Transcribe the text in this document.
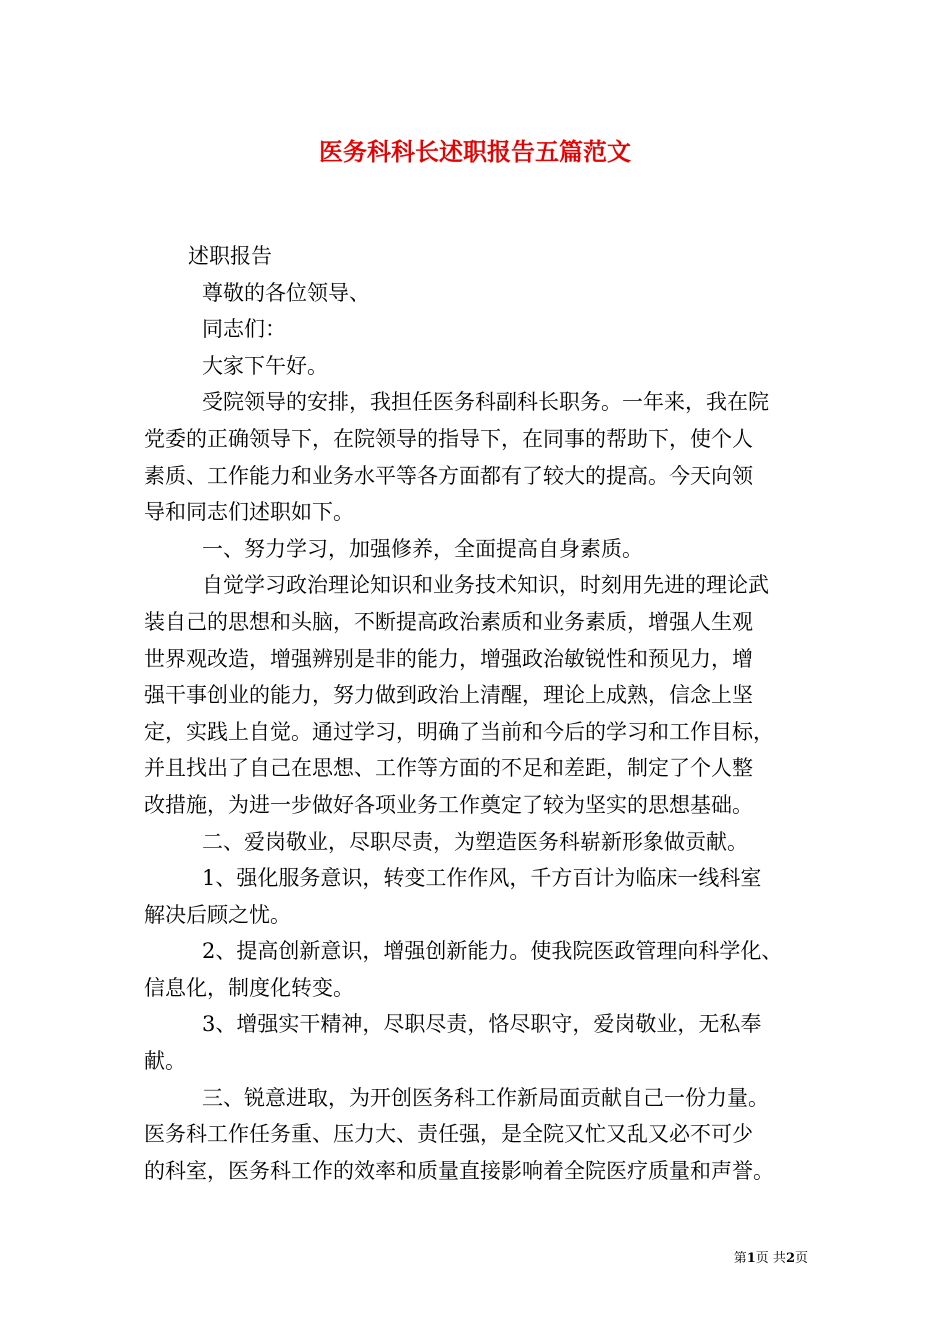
医务科科长述职报告五篇范文

述职报告

尊敬的各位领导、

同志们：

大家下午好。

受院领导的安排，我担任医务科副科长职务。一年来，我在院

党委的正确领导下，在院领导的指导下，在同事的帮助下，使个人

素质、工作能力和业务水平等各方面都有了较大的提高。今天向领

导和同志们述职如下。

一、努力学习，加强修养，全面提高自身素质。

自觉学习政治理论知识和业务技术知识，时刻用先进的理论武

装自己的思想和头脑，不断提高政治素质和业务素质，增强人生观

世界观改造，增强辨别是非的能力，增强政治敏锐性和预见力，增

强干事创业的能力，努力做到政治上清醒，理论上成熟，信念上坚

定，实践上自觉。通过学习，明确了当前和今后的学习和工作目标，

并且找出了自己在思想、工作等方面的不足和差距，制定了个人整

改措施，为进一步做好各项业务工作奠定了较为坚实的思想基础。

二、爱岗敬业，尽职尽责，为塑造医务科崭新形象做贡献。

1、强化服务意识，转变工作作风，千方百计为临床一线科室

解决后顾之忧。

2、提高创新意识，增强创新能力。使我院医政管理向科学化、

信息化，制度化转变。

3、增强实干精神，尽职尽责，恪尽职守，爱岗敬业，无私奉

献。

三、锐意进取，为开创医务科工作新局面贡献自己一份力量。

医务科工作任务重、压力大、责任强，是全院又忙又乱又必不可少

的科室，医务科工作的效率和质量直接影响着全院医疗质量和声誉。

第1页 共2页
